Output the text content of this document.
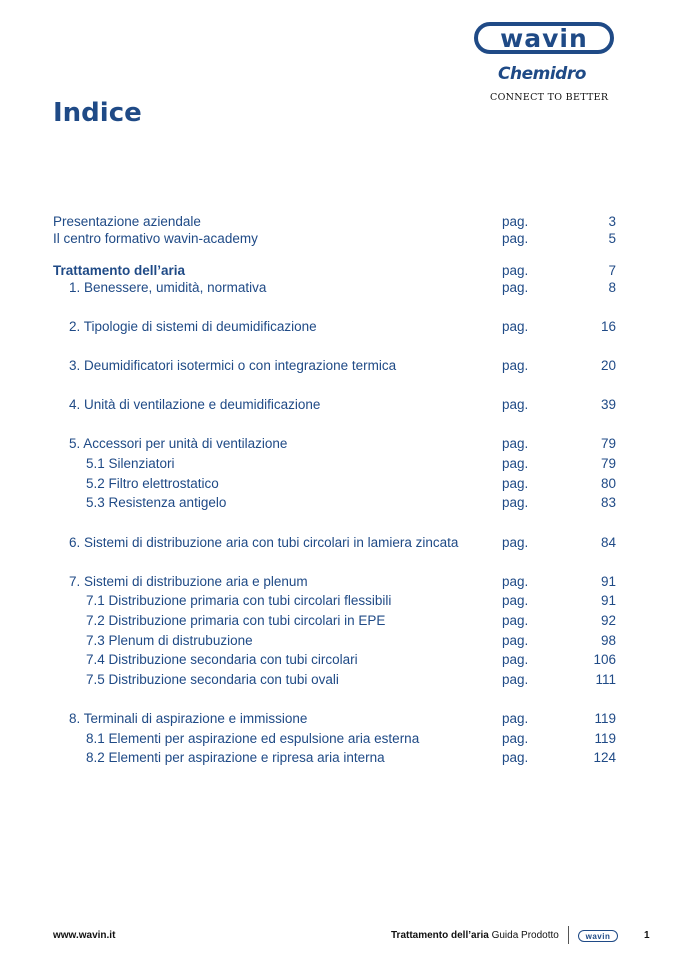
wavin
Chemidro
CONNECT TO BETTER
Indice
Presentazione aziendale	pag.	3
Il centro formativo wavin-academy	pag.	5
Trattamento dell’aria	pag.	7
1. Benessere, umidità, normativa	pag.	8
2. Tipologie di sistemi di deumidificazione	pag.	16
3. Deumidificatori isotermici o con integrazione termica	pag.	20
4. Unità di ventilazione e deumidificazione	pag.	39
5. Accessori per unità di ventilazione	pag.	79
5.1 Silenziatori	pag.	79
5.2 Filtro elettrostatico	pag.	80
5.3 Resistenza antigelo	pag.	83
6. Sistemi di distribuzione aria con tubi circolari in lamiera zincata	pag.	84
7. Sistemi di distribuzione aria e plenum	pag.	91
7.1 Distribuzione primaria con tubi circolari flessibili	pag.	91
7.2 Distribuzione primaria con tubi circolari in EPE	pag.	92
7.3 Plenum di distrubuzione	pag.	98
7.4 Distribuzione secondaria con tubi circolari	pag.	106
7.5 Distribuzione secondaria con tubi ovali	pag.	111
8. Terminali di aspirazione e immissione	pag.	119
8.1 Elementi per aspirazione ed espulsione aria esterna	pag.	119
8.2 Elementi per aspirazione e ripresa aria interna	pag.	124
www.wavin.it	Trattamento dell’aria Guida Prodotto	wavin	1
